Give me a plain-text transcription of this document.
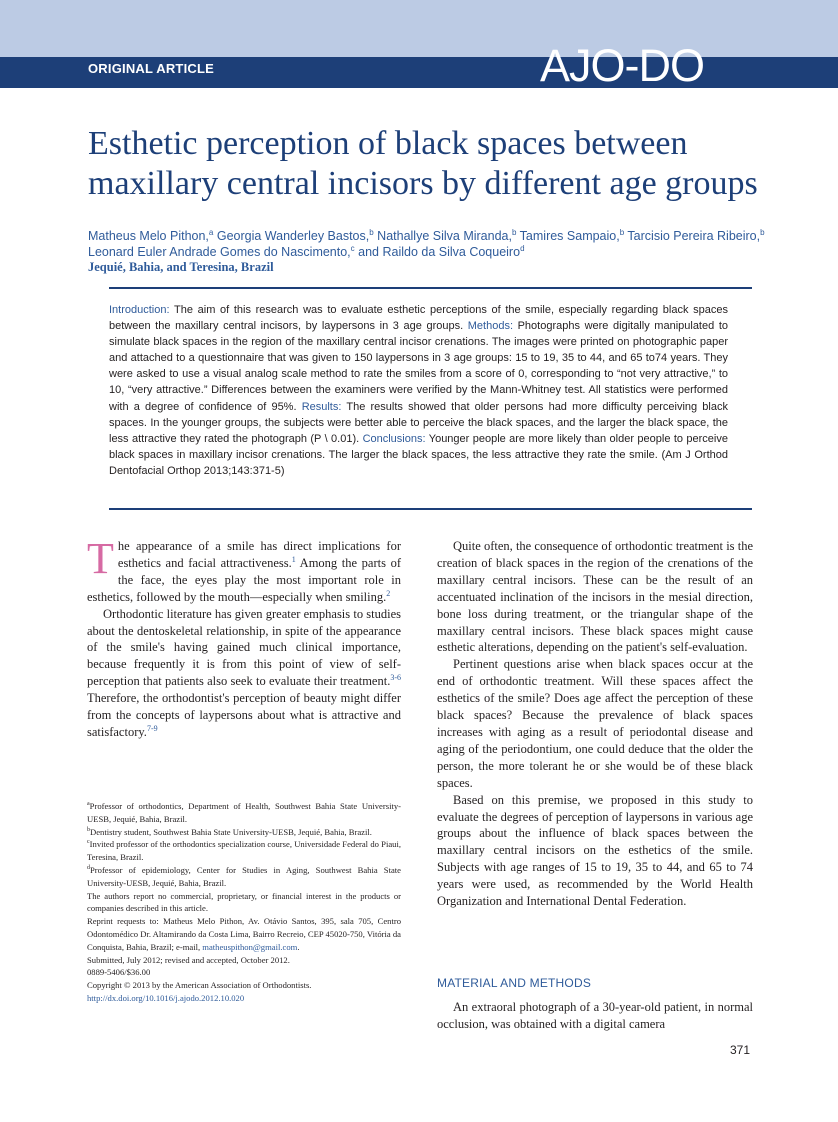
ORIGINAL ARTICLE	AJO-DO
Esthetic perception of black spaces between maxillary central incisors by different age groups
Matheus Melo Pithon,$^a$ Georgia Wanderley Bastos,$^b$ Nathallye Silva Miranda,$^b$ Tamires Sampaio,$^b$ Tarcisio Pereira Ribeiro,$^b$ Leonard Euler Andrade Gomes do Nascimento,$^c$ and Raildo da Silva Coqueiro$^d$
Jequié, Bahia, and Teresina, Brazil
Introduction: The aim of this research was to evaluate esthetic perceptions of the smile, especially regarding black spaces between the maxillary central incisors, by laypersons in 3 age groups. Methods: Photographs were digitally manipulated to simulate black spaces in the region of the maxillary central incisor crenations. The images were printed on photographic paper and attached to a questionnaire that was given to 150 laypersons in 3 age groups: 15 to 19, 35 to 44, and 65 to74 years. They were asked to use a visual analog scale method to rate the smiles from a score of 0, corresponding to “not very attractive,” to 10, “very attractive.” Differences between the examiners were verified by the Mann-Whitney test. All statistics were performed with a degree of confidence of 95%. Results: The results showed that older persons had more difficulty perceiving black spaces. In the younger groups, the subjects were better able to perceive the black spaces, and the larger the black space, the less attractive they rated the photograph (P \ 0.01). Conclusions: Younger people are more likely than older people to perceive black spaces in maxillary incisor crenations. The larger the black spaces, the less attractive they rate the smile. (Am J Orthod Dentofacial Orthop 2013;143:371-5)

The appearance of a smile has direct implications for esthetics and facial attractiveness.$^1$ Among the parts of the face, the eyes play the most important role in esthetics, followed by the mouth—especially when smiling.$^2$

Orthodontic literature has given greater emphasis to studies about the dentoskeletal relationship, in spite of the appearance of the smile's having gained much clinical importance, because frequently it is from this point of view of self-perception that patients also seek to evaluate their treatment.$^{3-6}$ Therefore, the orthodontist's perception of beauty might differ from the concepts of laypersons about what is attractive and satisfactory.$^{7-9}$

$^a$Professor of orthodontics, Department of Health, Southwest Bahia State University-UESB, Jequié, Bahia, Brazil.
$^b$Dentistry student, Southwest Bahia State University-UESB, Jequié, Bahia, Brazil.
$^c$Invited professor of the orthodontics specialization course, Universidade Federal do Piaui, Teresina, Brazil.
$^d$Professor of epidemiology, Center for Studies in Aging, Southwest Bahia State University-UESB, Jequié, Bahia, Brazil.
The authors report no commercial, proprietary, or financial interest in the products or companies described in this article.
Reprint requests to: Matheus Melo Pithon, Av. Otávio Santos, 395, sala 705, Centro Odontomédico Dr. Altamirando da Costa Lima, Bairro Recreio, CEP 45020-750, Vitória da Conquista, Bahia, Brazil; e-mail, matheuspithon@gmail.com.
Submitted, July 2012; revised and accepted, October 2012.
0889-5406/$36.00
Copyright © 2013 by the American Association of Orthodontists.
http://dx.doi.org/10.1016/j.ajodo.2012.10.020

Quite often, the consequence of orthodontic treatment is the creation of black spaces in the region of the crenations of the maxillary central incisors. These can be the result of an accentuated inclination of the incisors in the mesial direction, bone loss during treatment, or the triangular shape of the maxillary central incisors. These black spaces might cause esthetic alterations, depending on the patient's self-evaluation.

Pertinent questions arise when black spaces occur at the end of orthodontic treatment. Will these spaces affect the esthetics of the smile? Does age affect the perception of these black spaces? Because the prevalence of black spaces increases with aging as a result of periodontal disease and aging of the periodontium, one could deduce that the older the person, the more tolerant he or she would be of these black spaces.

Based on this premise, we proposed in this study to evaluate the degrees of perception of laypersons in various age groups about the influence of black spaces between the maxillary central incisors on the esthetics of the smile. Subjects with age ranges of 15 to 19, 35 to 44, and 65 to 74 years were used, as recommended by the World Health Organization and International Dental Federation.

MATERIAL AND METHODS

An extraoral photograph of a 30-year-old patient, in normal occlusion, was obtained with a digital camera

371
